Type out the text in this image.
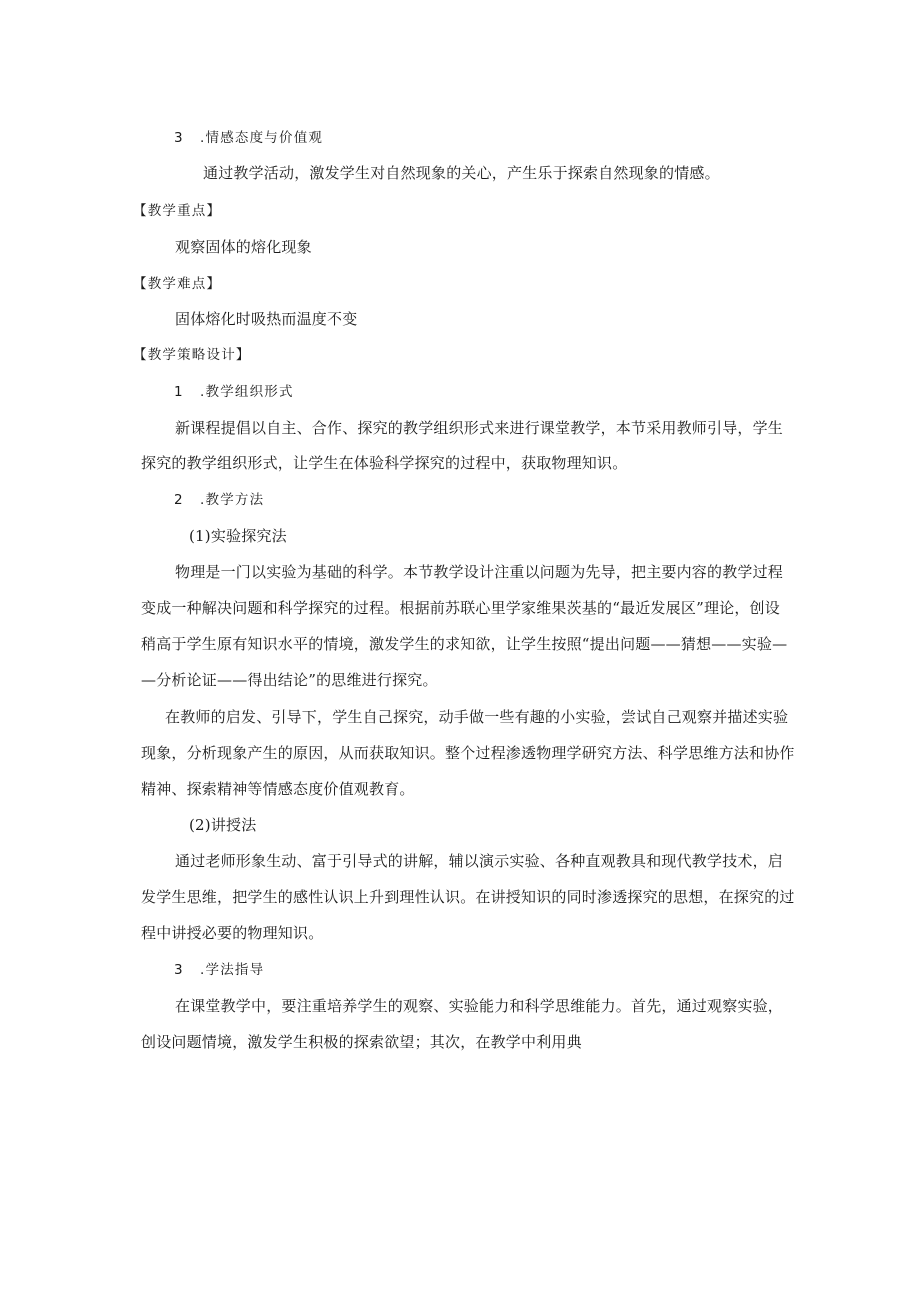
3 .情感态度与价值观
通过教学活动，激发学生对自然现象的关心，产生乐于探索自然现象的情感。
【教学重点】
观察固体的熔化现象
【教学难点】
固体熔化时吸热而温度不变
【教学策略设计】
1 .教学组织形式
新课程提倡以自主、合作、探究的教学组织形式来进行课堂教学，本节采用教师引导，学生
探究的教学组织形式，让学生在体验科学探究的过程中，获取物理知识。
2 .教学方法
(1)实验探究法
物理是一门以实验为基础的科学。本节教学设计注重以问题为先导，把主要内容的教学过程
变成一种解决问题和科学探究的过程。根据前苏联心里学家维果茨基的“最近发展区”理论，创设
稍高于学生原有知识水平的情境，激发学生的求知欲，让学生按照“提出问题——猜想——实验—
—分析论证——得出结论”的思维进行探究。
在教师的启发、引导下，学生自己探究，动手做一些有趣的小实验，尝试自己观察并描述实验
现象，分析现象产生的原因，从而获取知识。整个过程渗透物理学研究方法、科学思维方法和协作
精神、探索精神等情感态度价值观教育。
(2)讲授法
通过老师形象生动、富于引导式的讲解，辅以演示实验、各种直观教具和现代教学技术，启
发学生思维，把学生的感性认识上升到理性认识。在讲授知识的同时渗透探究的思想，在探究的过
程中讲授必要的物理知识。
3 .学法指导
在课堂教学中，要注重培养学生的观察、实验能力和科学思维能力。首先，通过观察实验，
创设问题情境，激发学生积极的探索欲望；其次，在教学中利用典
